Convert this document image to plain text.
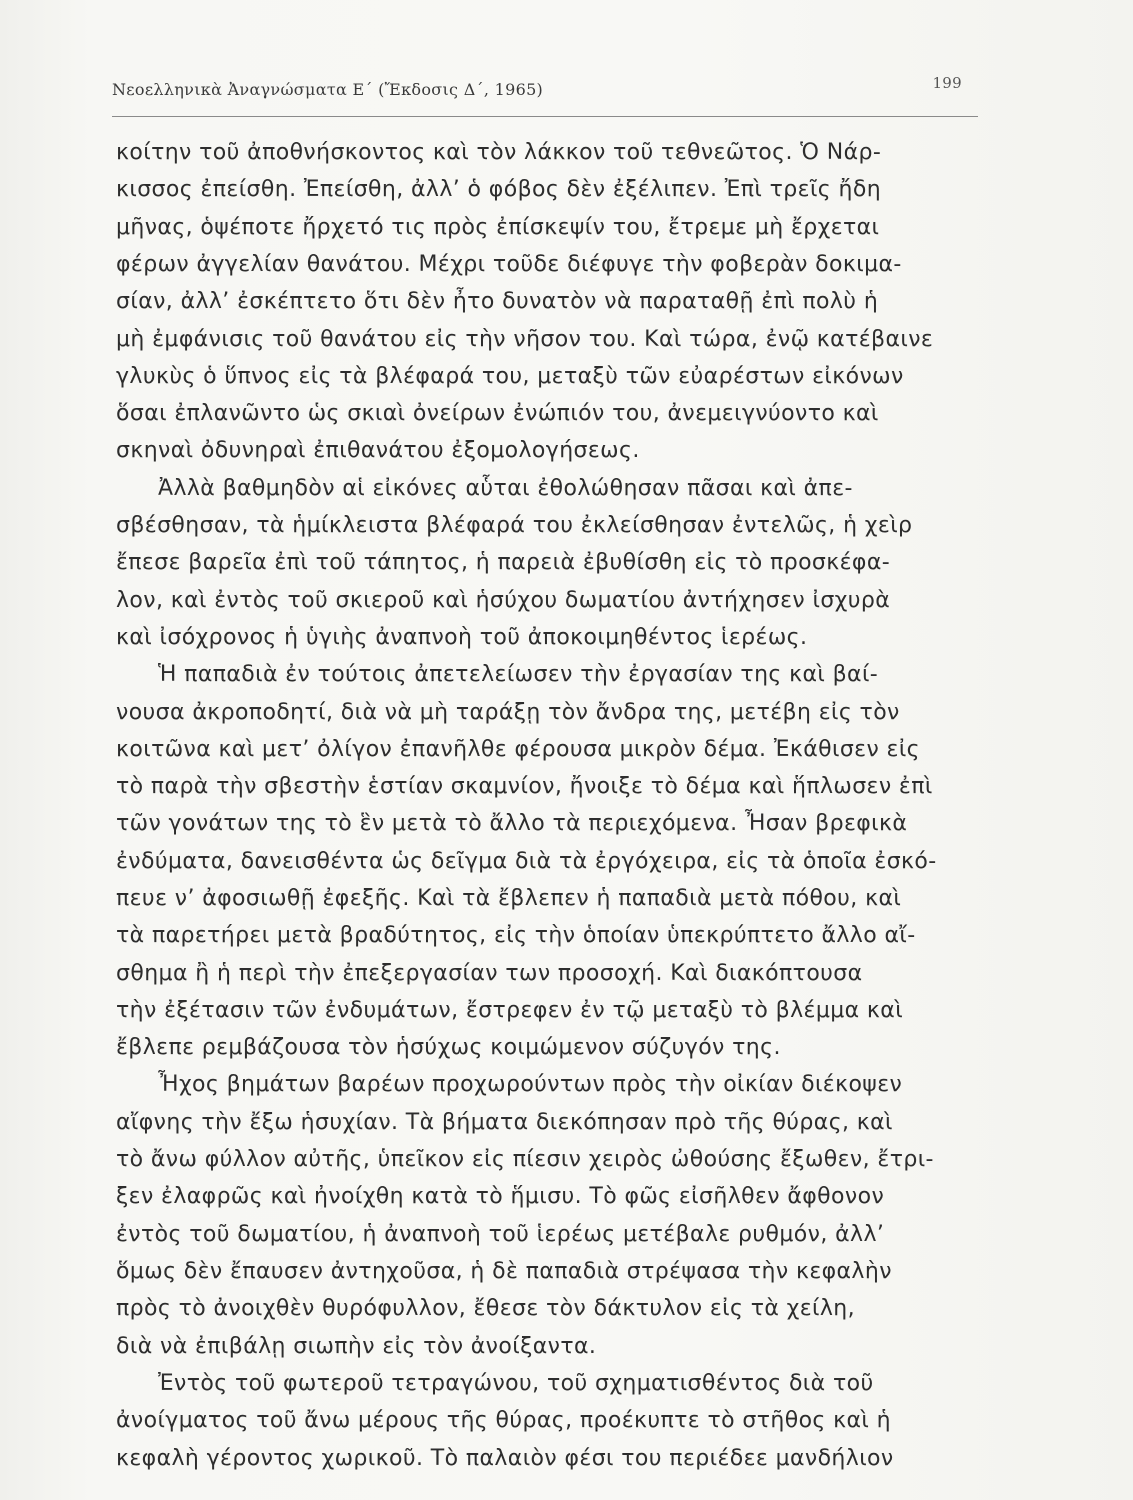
Νεοελληνικὰ Ἀναγνώσματα Ε΄ (Ἔκδοσις Δ΄, 1965)	199
κοίτην τοῦ ἀποθνήσκοντος καὶ τὸν λάκκον τοῦ τεθνεῶτος. Ὁ Νάρ-
κισσος ἐπείσθη. Ἐπείσθη, ἀλλ’ ὁ φόβος δὲν ἐξέλιπεν. Ἐπὶ τρεῖς ἤδη
μῆνας, ὁψέποτε ἤρχετό τις πρὸς ἐπίσκεψίν του, ἔτρεμε μὴ ἔρχεται
φέρων ἀγγελίαν θανάτου. Μέχρι τοῦδε διέφυγε τὴν φοβερὰν δοκιμα-
σίαν, ἀλλ’ ἐσκέπτετο ὅτι δὲν ἦτο δυνατὸν νὰ παραταθῇ ἐπὶ πολὺ ἡ
μὴ ἐμφάνισις τοῦ θανάτου εἰς τὴν νῆσον του. Καὶ τώρα, ἐνῷ κατέβαινε
γλυκὺς ὁ ὕπνος εἰς τὰ βλέφαρά του, μεταξὺ τῶν εὐαρέστων εἰκόνων
ὅσαι ἐπλανῶντο ὡς σκιαὶ ὀνείρων ἐνώπιόν του, ἀνεμειγνύοντο καὶ
σκηναὶ ὀδυνηραὶ ἐπιθανάτου ἐξομολογήσεως.
Ἀλλὰ βαθμηδὸν αἱ εἰκόνες αὗται ἐθολώθησαν πᾶσαι καὶ ἀπε-
σβέσθησαν, τὰ ἡμίκλειστα βλέφαρά του ἐκλείσθησαν ἐντελῶς, ἡ χεὶρ
ἔπεσε βαρεῖα ἐπὶ τοῦ τάπητος, ἡ παρειὰ ἐβυθίσθη εἰς τὸ προσκέφα-
λον, καὶ ἐντὸς τοῦ σκιεροῦ καὶ ἡσύχου δωματίου ἀντήχησεν ἰσχυρὰ
καὶ ἰσόχρονος ἡ ὑγιὴς ἀναπνοὴ τοῦ ἀποκοιμηθέντος ἱερέως.
Ἡ παπαδιὰ ἐν τούτοις ἀπετελείωσεν τὴν ἐργασίαν της καὶ βαί-
νουσα ἀκροποδητί, διὰ νὰ μὴ ταράξῃ τὸν ἄνδρα της, μετέβη εἰς τὸν
κοιτῶνα καὶ μετ’ ὀλίγον ἐπανῆλθε φέρουσα μικρὸν δέμα. Ἐκάθισεν εἰς
τὸ παρὰ τὴν σβεστὴν ἑστίαν σκαμνίον, ἤνοιξε τὸ δέμα καὶ ἥπλωσεν ἐπὶ
τῶν γονάτων της τὸ ἓν μετὰ τὸ ἄλλο τὰ περιεχόμενα. Ἦσαν βρεφικὰ
ἐνδύματα, δανεισθέντα ὡς δεῖγμα διὰ τὰ ἐργόχειρα, εἰς τὰ ὁποῖα ἐσκό-
πευε ν’ ἀφοσιωθῇ ἐφεξῆς. Καὶ τὰ ἔβλεπεν ἡ παπαδιὰ μετὰ πόθου, καὶ
τὰ παρετήρει μετὰ βραδύτητος, εἰς τὴν ὁποίαν ὑπεκρύπτετο ἄλλο αἴ-
σθημα ἢ ἡ περὶ τὴν ἐπεξεργασίαν των προσοχή. Καὶ διακόπτουσα
τὴν ἐξέτασιν τῶν ἐνδυμάτων, ἔστρεφεν ἐν τῷ μεταξὺ τὸ βλέμμα καὶ
ἔβλεπε ρεμβάζουσα τὸν ἡσύχως κοιμώμενον σύζυγόν της.
Ἦχος βημάτων βαρέων προχωρούντων πρὸς τὴν οἰκίαν διέκοψεν
αἴφνης τὴν ἔξω ἡσυχίαν. Τὰ βήματα διεκόπησαν πρὸ τῆς θύρας, καὶ
τὸ ἄνω φύλλον αὐτῆς, ὑπεῖκον εἰς πίεσιν χειρὸς ὠθούσης ἔξωθεν, ἔτρι-
ξεν ἐλαφρῶς καὶ ἠνοίχθη κατὰ τὸ ἥμισυ. Τὸ φῶς εἰσῆλθεν ἄφθονον
ἐντὸς τοῦ δωματίου, ἡ ἀναπνοὴ τοῦ ἱερέως μετέβαλε ρυθμόν, ἀλλ’
ὅμως δὲν ἔπαυσεν ἀντηχοῦσα, ἡ δὲ παπαδιὰ στρέψασα τὴν κεφαλὴν
πρὸς τὸ ἀνοιχθὲν θυρόφυλλον, ἔθεσε τὸν δάκτυλον εἰς τὰ χείλη,
διὰ νὰ ἐπιβάλῃ σιωπὴν εἰς τὸν ἀνοίξαντα.
Ἐντὸς τοῦ φωτεροῦ τετραγώνου, τοῦ σχηματισθέντος διὰ τοῦ
ἀνοίγματος τοῦ ἄνω μέρους τῆς θύρας, προέκυπτε τὸ στῆθος καὶ ἡ
κεφαλὴ γέροντος χωρικοῦ. Τὸ παλαιὸν φέσι του περιέδεε μανδήλιον
